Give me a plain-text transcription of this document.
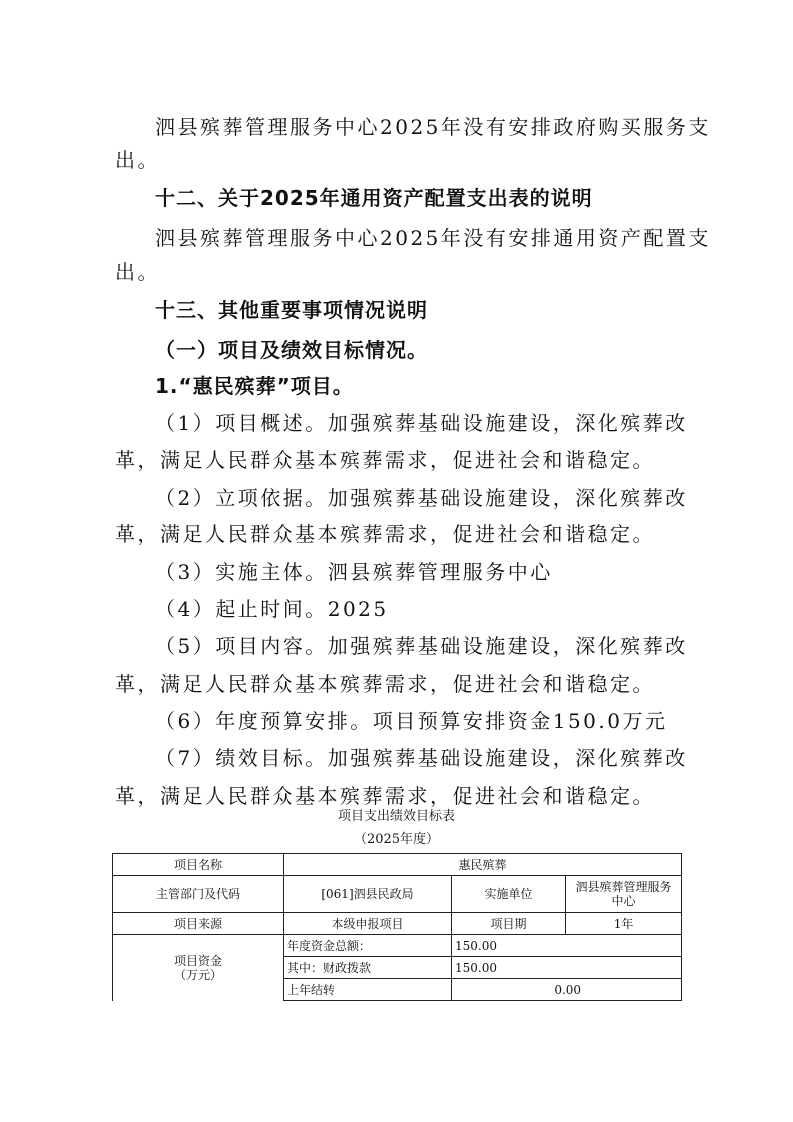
泗县殡葬管理服务中心2025年没有安排政府购买服务支
出。
十二、关于2025年通用资产配置支出表的说明
泗县殡葬管理服务中心2025年没有安排通用资产配置支
出。
十三、其他重要事项情况说明
（一）项目及绩效目标情况。
1.“惠民殡葬”项目。
（1）项目概述。加强殡葬基础设施建设，深化殡葬改
革，满足人民群众基本殡葬需求，促进社会和谐稳定。
（2）立项依据。加强殡葬基础设施建设，深化殡葬改
革，满足人民群众基本殡葬需求，促进社会和谐稳定。
（3）实施主体。泗县殡葬管理服务中心
（4）起止时间。2025
（5）项目内容。加强殡葬基础设施建设，深化殡葬改
革，满足人民群众基本殡葬需求，促进社会和谐稳定。
（6）年度预算安排。项目预算安排资金150.0万元
（7）绩效目标。加强殡葬基础设施建设，深化殡葬改
革，满足人民群众基本殡葬需求，促进社会和谐稳定。
项目支出绩效目标表
（2025年度）
项目名称	惠民殡葬		
主管部门及代码	[061]泗县民政局	实施单位	泗县殡葬管理服务
中心

项目来源	本级申报项目	项目期	1年

项目资金
（万元）	年度资金总额：	150.00	
	其中：财政拨款	150.00	
	上年结转	0.00	
